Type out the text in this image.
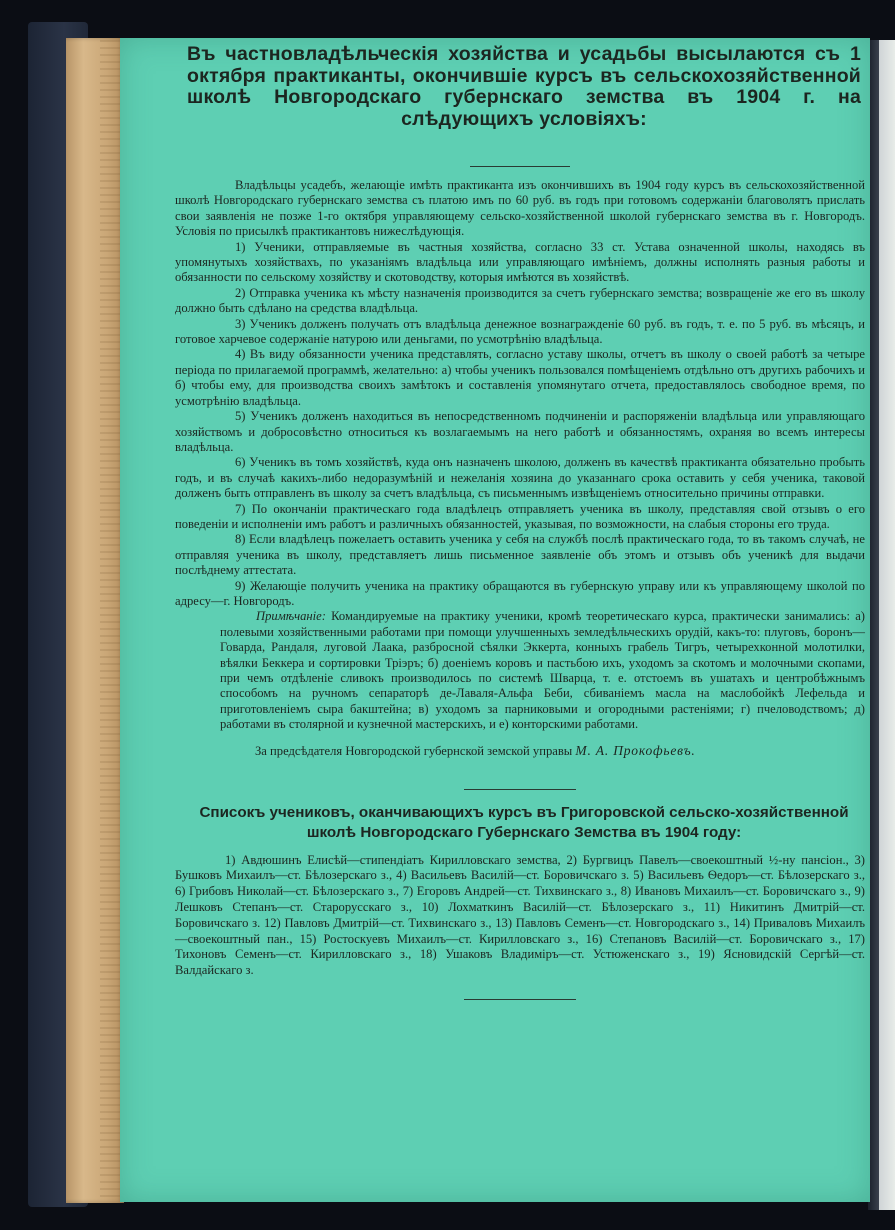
Въ частновладѣльческія хозяйства и усадьбы высылаются съ 1 октября практиканты, окончившіе курсъ въ сельскохозяйственной школѣ Новгородскаго губернскаго земства въ 1904 г. на слѣдующихъ условіяхъ:

Владѣльцы усадебъ, желающіе имѣть практиканта изъ окончившихъ въ 1904 году курсъ въ сельскохозяйственной школѣ Новгородскаго губернскаго земства съ платою имъ по 60 руб. въ годъ при готовомъ содержаніи благоволятъ прислать свои заявленія не позже 1-го октября управляющему сельско-хозяйственной школой губернскаго земства въ г. Новгородъ. Условія по присылкѣ практикантовъ нижеслѣдующія.

1) Ученики, отправляемые въ частныя хозяйства, согласно 33 ст. Устава означенной школы, находясь въ упомянутыхъ хозяйствахъ, по указаніямъ владѣльца или управляющаго имѣніемъ, должны исполнять разныя работы и обязанности по сельскому хозяйству и скотоводству, которыя имѣются въ хозяйствѣ.

2) Отправка ученика къ мѣсту назначенія производится за счетъ губернскаго земства; возвращеніе же его въ школу должно быть сдѣлано на средства владѣльца.

3) Ученикъ долженъ получать отъ владѣльца денежное вознагражденіе 60 руб. въ годъ, т. е. по 5 руб. въ мѣсяцъ, и готовое харчевое содержаніе натурою или деньгами, по усмотрѣнію владѣльца.

4) Въ виду обязанности ученика представлять, согласно уставу школы, отчетъ въ школу о своей работѣ за четыре періода по прилагаемой программѣ, желательно: а) чтобы ученикъ пользовался помѣщеніемъ отдѣльно отъ другихъ рабочихъ и б) чтобы ему, для производства своихъ замѣтокъ и составленія упомянутаго отчета, предоставлялось свободное время, по усмотрѣнію владѣльца.

5) Ученикъ долженъ находиться въ непосредственномъ подчиненіи и распоряженіи владѣльца или управляющаго хозяйствомъ и добросовѣстно относиться къ возлагаемымъ на него работѣ и обязанностямъ, охраняя во всемъ интересы владѣльца.

6) Ученикъ въ томъ хозяйствѣ, куда онъ назначенъ школою, долженъ въ качествѣ практиканта обязательно пробыть годъ, и въ случаѣ какихъ-либо недоразумѣній и нежеланія хозяина до указаннаго срока оставить у себя ученика, таковой долженъ быть отправленъ въ школу за счетъ владѣльца, съ письменнымъ извѣщеніемъ относительно причины отправки.

7) По окончаніи практическаго года владѣлецъ отправляетъ ученика въ школу, представляя свой отзывъ о его поведеніи и исполненіи имъ работъ и различныхъ обязанностей, указывая, по возможности, на слабыя стороны его труда.

8) Если владѣлецъ пожелаетъ оставить ученика у себя на службѣ послѣ практическаго года, то въ такомъ случаѣ, не отправляя ученика въ школу, представляетъ лишь письменное заявленіе объ этомъ и отзывъ объ ученикѣ для выдачи послѣднему аттестата.

9) Желающіе получить ученика на практику обращаются въ губернскую управу или къ управляющему школой по адресу—г. Новгородъ.

Примѣчаніе: Командируемые на практику ученики, кромѣ теоретическаго курса, практически занимались: а) полевыми хозяйственными работами при помощи улучшенныхъ земледѣльческихъ орудій, какъ-то: плуговъ, боронъ—Говарда, Рандаля, луговой Лаака, разбросной сѣялки Эккерта, конныхъ грабель Тигръ, четырехконной молотилки, вѣялки Беккера и сортировки Тріэръ; б) доеніемъ коровъ и пастьбою ихъ, уходомъ за скотомъ и молочными скопами, при чемъ отдѣленіе сливокъ производилось по системѣ Шварца, т. е. отстоемъ въ ушатахъ и центробѣжнымъ способомъ на ручномъ сепараторѣ де-Лаваля-Альфа Беби, сбиваніемъ масла на маслобойкѣ Лефельда и приготовленіемъ сыра бакштейна; в) уходомъ за парниковыми и огородными растеніями; г) пчеловодствомъ; д) работами въ столярной и кузнечной мастерскихъ, и е) конторскими работами.

За предсѣдателя Новгородской губернской земской управы М. А. Прокофьевъ.

Списокъ учениковъ, оканчивающихъ курсъ въ Григоровской сельско-хозяйственной школѣ Новгородскаго Губернскаго Земства въ 1904 году:

1) Авдюшинъ Елисѣй—стипендіатъ Кирилловскаго земства, 2) Бургвицъ Павелъ—своекоштный ½-ну пансіон., 3) Бушковъ Михаилъ—ст. Бѣлозерскаго з., 4) Васильевъ Василій—ст. Боровичскаго з. 5) Васильевъ Ѳедоръ—ст. Бѣлозерскаго з., 6) Грибовъ Николай—ст. Бѣлозерскаго з., 7) Егоровъ Андрей—ст. Тихвинскаго з., 8) Ивановъ Михаилъ—ст. Боровичскаго з., 9) Лешковъ Степанъ—ст. Старорусскаго з., 10) Лохматкинъ Василій—ст. Бѣлозерскаго з., 11) Никитинъ Дмитрій—ст. Боровичскаго з. 12) Павловъ Дмитрій—ст. Тихвинскаго з., 13) Павловъ Семенъ—ст. Новгородскаго з., 14) Приваловъ Михаилъ—своекоштный пан., 15) Ростоскуевъ Михаилъ—ст. Кирилловскаго з., 16) Степановъ Василій—ст. Боровичскаго з., 17) Тихоновъ Семенъ—ст. Кирилловскаго з., 18) Ушаковъ Владиміръ—ст. Устюженскаго з., 19) Ясновидскій Сергѣй—ст. Валдайскаго з.
